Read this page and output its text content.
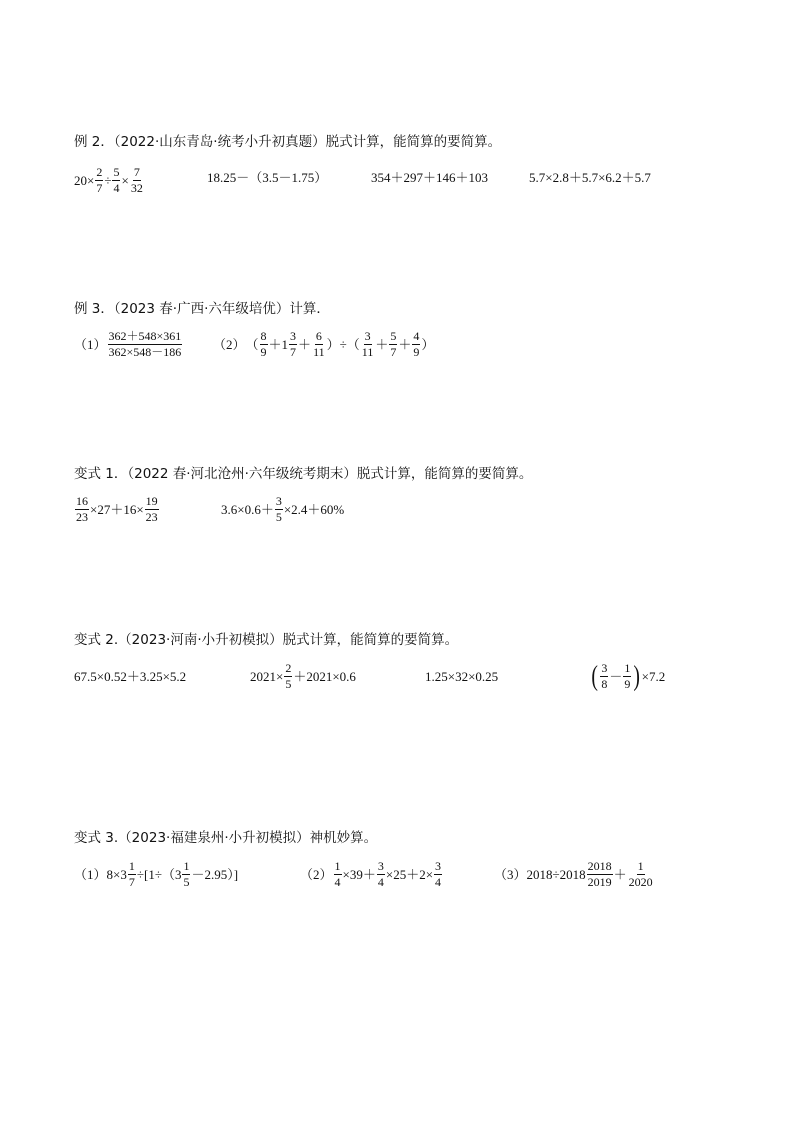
例 2．（2022·山东青岛·统考小升初真题）脱式计算，能简算的要简算。
$20\times \frac{2}{7} \div \frac{5}{4} \times \frac{7}{32}$	18.25－（3.5－1.75）	354＋297＋146＋103	5.7×2.8＋5.7×6.2＋5.7
例 3．（2023 春·广西·六年级培优）计算．
$(1) \frac{362+548\times 361}{362\times 548-186} (2)$ （ $\frac{8}{9} +1 \frac{3}{7} + \frac{6}{11}$ ） ÷ （ $\frac{3}{11} + \frac{5}{7} + \frac{4}{9}$ ）
变式 1．（2022 春·河北沧州·六年级统考期末）脱式计算，能简算的要简算。
$\frac{16}{23} \times 27+16\times \frac{19}{23}$	$3.6\times 0.6+ \frac{3}{5} \times 2.4+60\%$
变式 2.（2023·河南·小升初模拟）脱式计算，能简算的要简算。
67.5×0.52＋3.25×5.2	$2021\times \frac{2}{5} +2021\times 0.6$	1.25×32×0.25	( $\frac{3}{8} - \frac{1}{9}$ ) ×7.2
变式 3.（2023·福建泉州·小升初模拟）神机妙算。
（1） $8\times 3 \frac{1}{7} \div[1\div(3 \frac{1}{5} -2.95)]$	$(2) \frac{1}{4} \times 39+ \frac{3}{4} \times 25+2\times \frac{3}{4}$	（3） $2018\div 2018 \frac{2018}{2019} + \frac{1}{2020}$
